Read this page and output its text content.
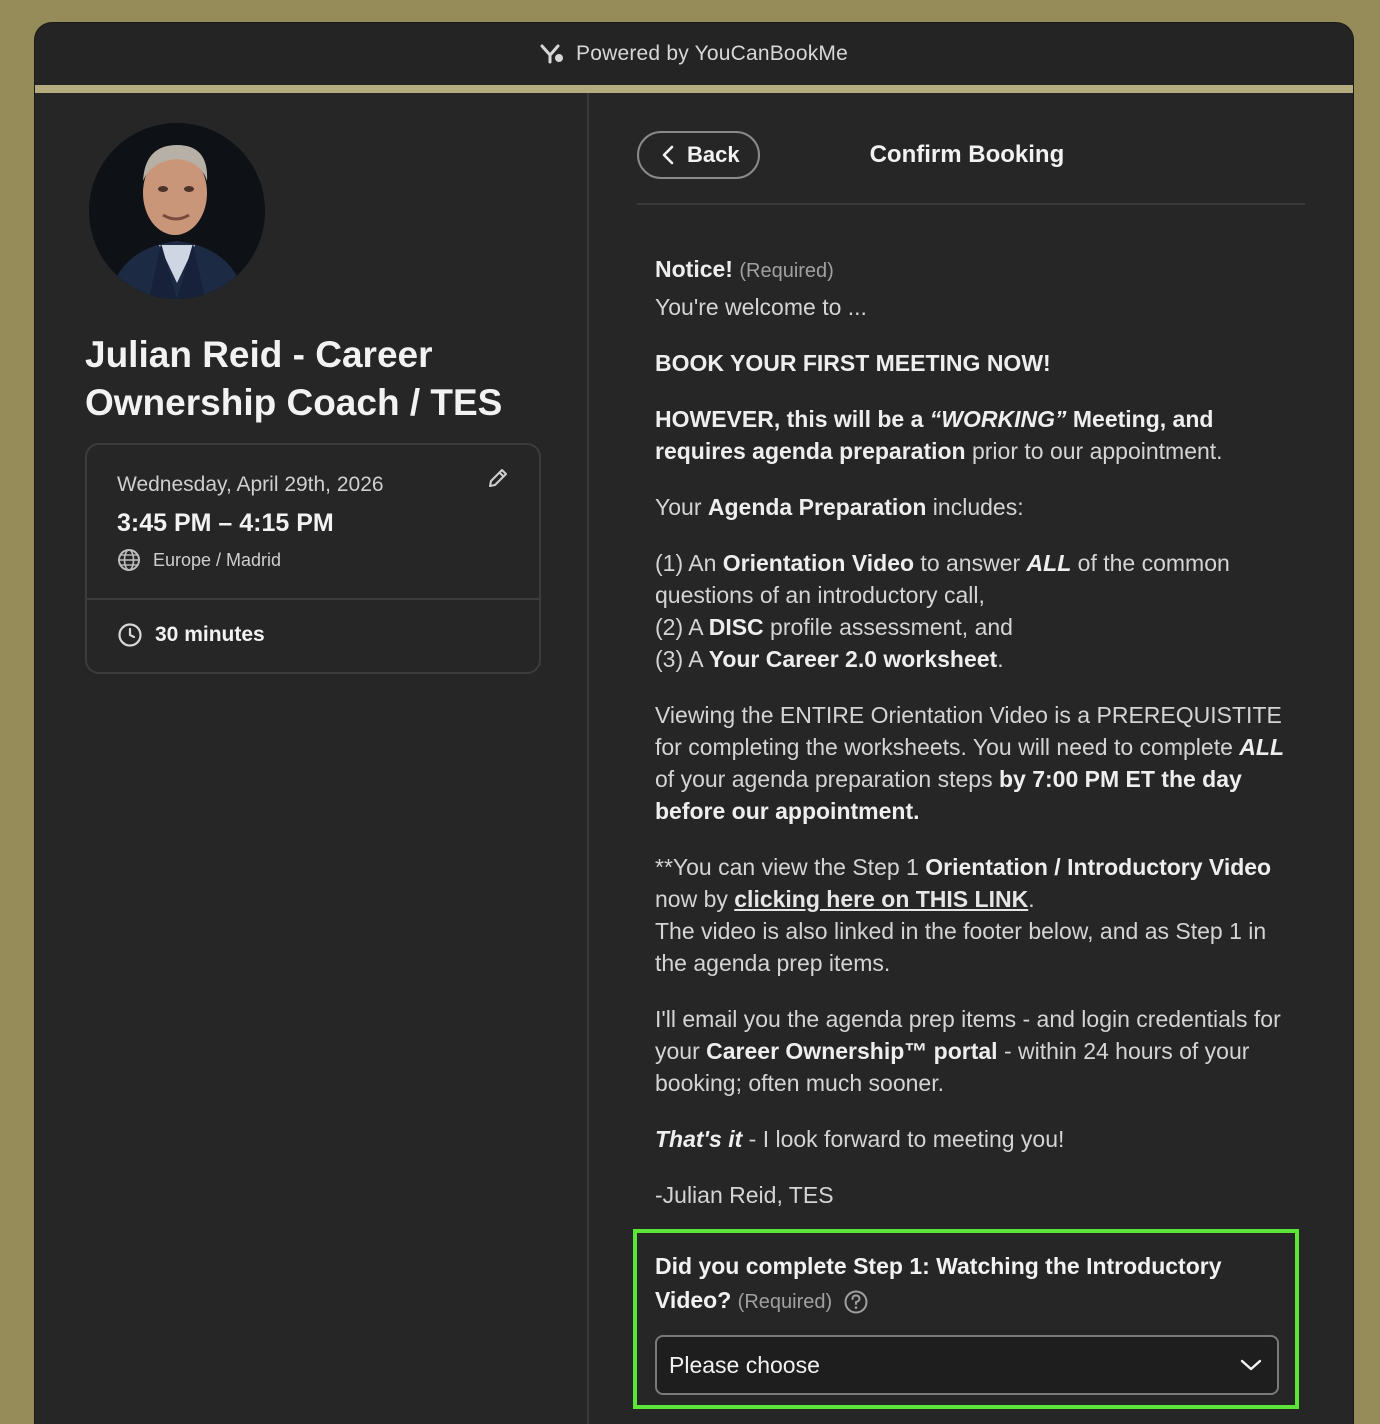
Powered by YouCanBookMe
Julian Reid - Career Ownership Coach / TES
Wednesday, April 29th, 2026
3:45 PM – 4:15 PM
Europe / Madrid
30 minutes
Back	Confirm Booking
Notice! (Required)

You're welcome to ...

BOOK YOUR FIRST MEETING NOW!

HOWEVER, this will be a “WORKING” Meeting, and requires agenda preparation prior to our appointment.

Your Agenda Preparation includes:

(1) An Orientation Video to answer ALL of the common questions of an introductory call,
(2) A DISC profile assessment, and
(3) A Your Career 2.0 worksheet.

Viewing the ENTIRE Orientation Video is a PREREQUISTITE for completing the worksheets. You will need to complete ALL of your agenda preparation steps by 7:00 PM ET the day before our appointment.

**You can view the Step 1 Orientation / Introductory Video now by clicking here on THIS LINK.
The video is also linked in the footer below, and as Step 1 in the agenda prep items.

I'll email you the agenda prep items - and login credentials for your Career Ownership™ portal - within 24 hours of your booking; often much sooner.

That's it - I look forward to meeting you!

-Julian Reid, TES

Did you complete Step 1: Watching the Introductory Video? (Required)
Please choose
